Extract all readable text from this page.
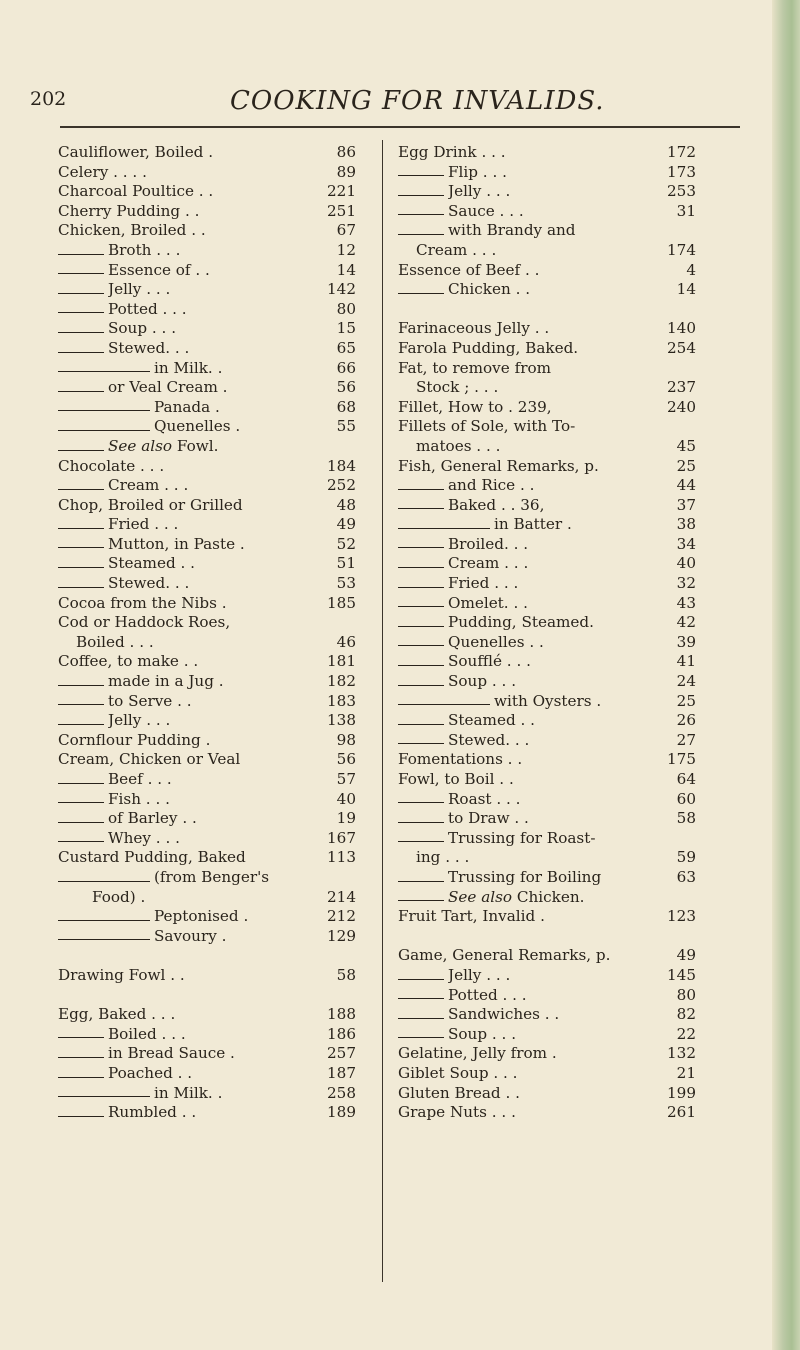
202	COOKING FOR INVALIDS.
Cauliflower, Boiled .	86
Celery . . . .	89
Charcoal Poultice . .	221
Cherry Pudding . .	251
Chicken, Broiled . .	67
Broth . . .	12
Essence of . .	14
Jelly . . .	142
Potted . . .	80
Soup . . .	15
Stewed. . .	65
in Milk. .	66
or Veal Cream .	56
Panada .	68
Quenelles .	55
See also Fowl.
Chocolate . . .	184
Cream . . .	252
Chop, Broiled or Grilled	48
Fried . . .	49
Mutton, in Paste .	52
Steamed . .	51
Stewed. . .	53
Cocoa from the Nibs .	185
Cod or Haddock Roes,
Boiled . . .	46
Coffee, to make . .	181
made in a Jug .	182
to Serve . .	183
Jelly . . .	138
Cornflour Pudding .	98
Cream, Chicken or Veal	56
Beef . . .	57
Fish . . .	40
of Barley . .	19
Whey . . .	167
Custard Pudding, Baked	113
(from Benger's
Food) .	214
Peptonised .	212
Savoury .	129
Drawing Fowl . .	58
Egg, Baked . . .	188
Boiled . . .	186
in Bread Sauce .	257
Poached . .	187
in Milk. .	258
Rumbled . .	189
Egg Drink . . .	172
Flip . . .	173
Jelly . . .	253
Sauce . . .	31
with Brandy and
Cream . . .	174
Essence of Beef . .	4
Chicken . .	14
Farinaceous Jelly . .	140
Farola Pudding, Baked.	254
Fat, to remove from
Stock ; . . .	237
Fillet, How to . 239,	240
Fillets of Sole, with To-
matoes . . .	45
Fish, General Remarks, p.	25
and Rice . .	44
Baked . . 36,	37
in Batter .	38
Broiled. . .	34
Cream . . .	40
Fried . . .	32
Omelet. . .	43
Pudding, Steamed.	42
Quenelles . .	39
Soufflé . . .	41
Soup . . .	24
with Oysters .	25
Steamed . .	26
Stewed. . .	27
Fomentations . .	175
Fowl, to Boil . .	64
Roast . . .	60
to Draw . .	58
Trussing for Roast-
ing . . .	59
Trussing for Boiling	63
See also Chicken.
Fruit Tart, Invalid .	123
Game, General Remarks, p.	49
Jelly . . .	145
Potted . . .	80
Sandwiches . .	82
Soup . . .	22
Gelatine, Jelly from .	132
Giblet Soup . . .	21
Gluten Bread . .	199
Grape Nuts . . .	261
